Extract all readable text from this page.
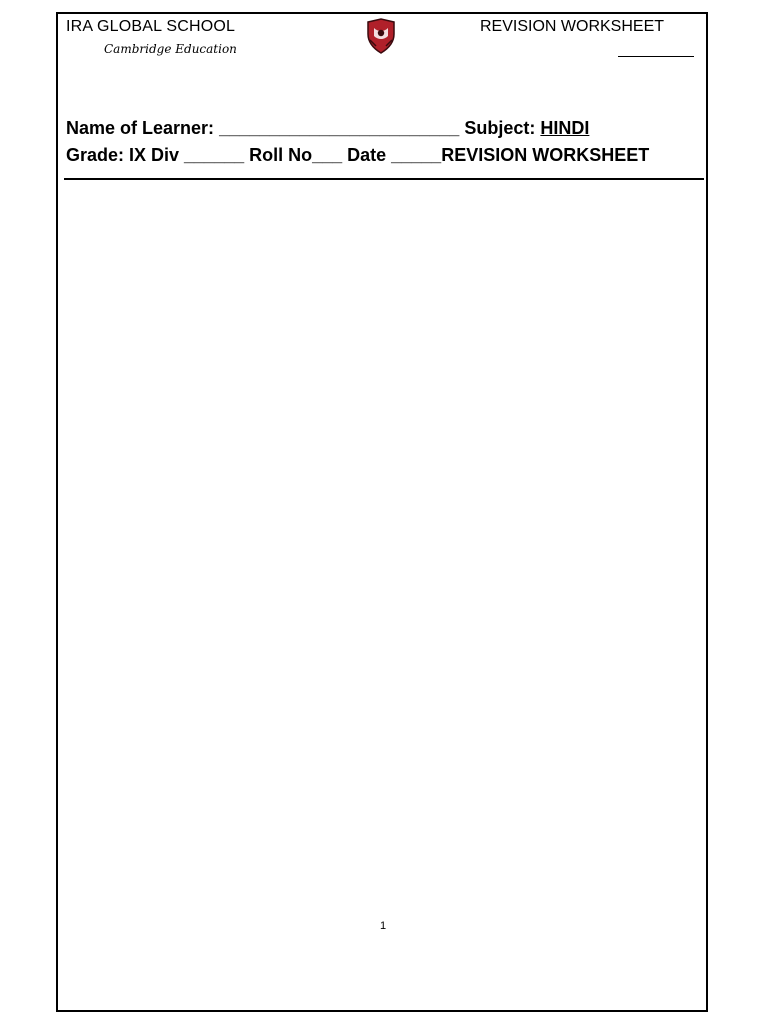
IRA GLOBAL SCHOOL
Cambridge Education
REVISION WORKSHEET
Name of Learner: ________________________ Subject: HINDI
Grade: IX Div ______ Roll No___ Date _____REVISION WORKSHEET
1
